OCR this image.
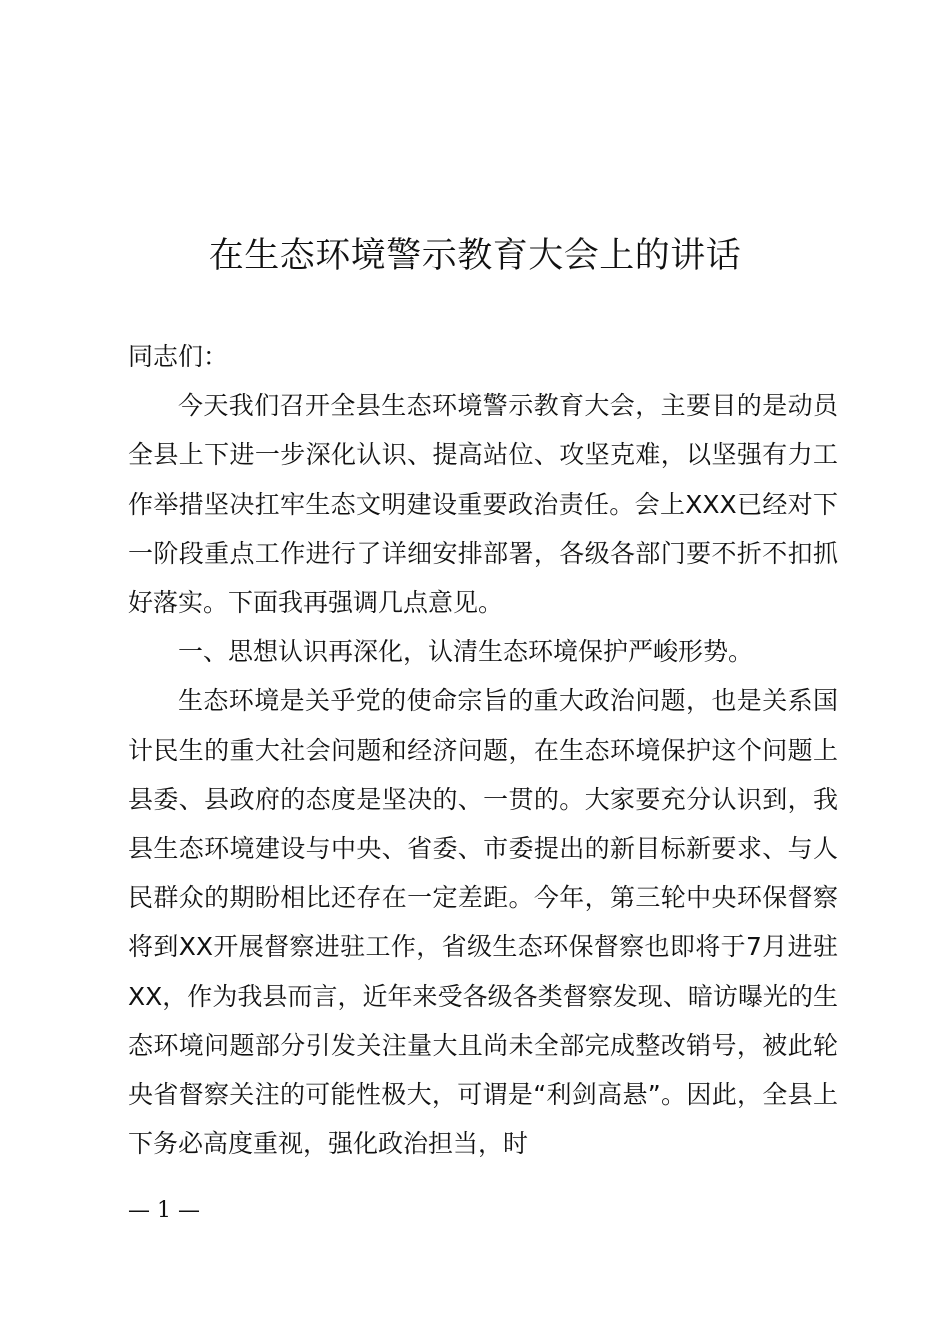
在生态环境警示教育大会上的讲话

同志们：

今天我们召开全县生态环境警示教育大会，主要目的是动员全县上下进一步深化认识、提高站位、攻坚克难，以坚强有力工作举措坚决扛牢生态文明建设重要政治责任。会上XXX已经对下一阶段重点工作进行了详细安排部署，各级各部门要不折不扣抓好落实。下面我再强调几点意见。

一、思想认识再深化，认清生态环境保护严峻形势。

生态环境是关乎党的使命宗旨的重大政治问题，也是关系国计民生的重大社会问题和经济问题，在生态环境保护这个问题上县委、县政府的态度是坚决的、一贯的。大家要充分认识到，我县生态环境建设与中央、省委、市委提出的新目标新要求、与人民群众的期盼相比还存在一定差距。今年，第三轮中央环保督察将到XX开展督察进驻工作，省级生态环保督察也即将于7月进驻XX，作为我县而言，近年来受各级各类督察发现、暗访曝光的生态环境问题部分引发关注量大且尚未全部完成整改销号，被此轮央省督察关注的可能性极大，可谓是“利剑高悬”。因此，全县上下务必高度重视，强化政治担当，时

— 1 —
